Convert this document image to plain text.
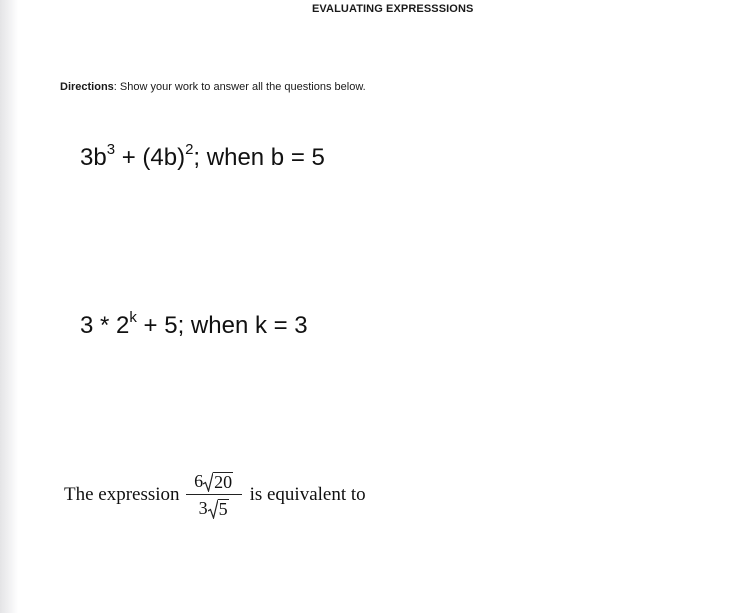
EVALUATING EXPRESSSIONS
Directions: Show your work to answer all the questions below.
$3b^3 + (4b)^2$; when b = 5
$3 * 2^k + 5$; when k = 3
The expression $\frac{6 20}{3 5}$ is equivalent to
